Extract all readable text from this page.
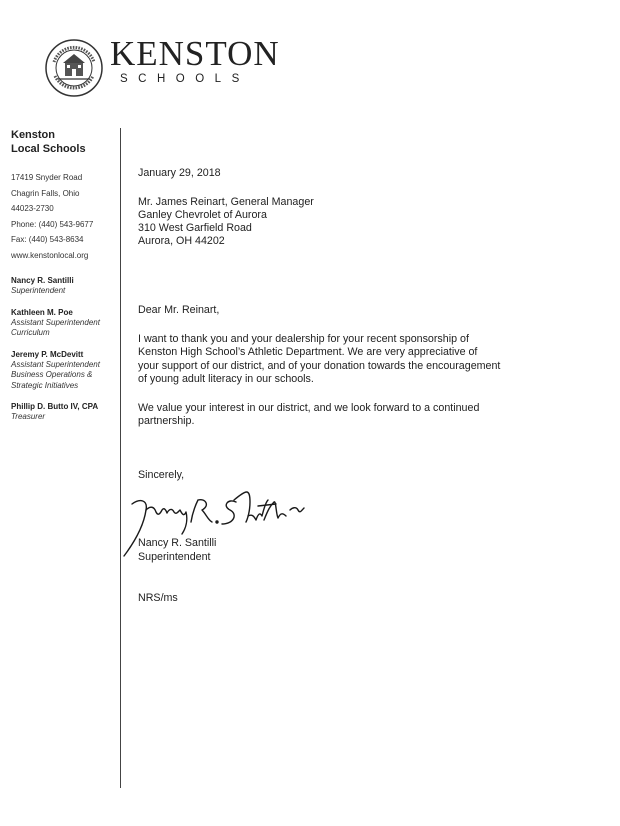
KENSTON
SCHOOLS
Kenston
Local Schools
17419 Snyder Road
Chagrin Falls, Ohio
44023-2730
Phone: (440) 543-9677
Fax: (440) 543-8634
www.kenstonlocal.org
Nancy R. Santilli
Superintendent
Kathleen M. Poe
Assistant Superintendent
Curriculum
Jeremy P. McDevitt
Assistant Superintendent
Business Operations &
Strategic Initiatives
Phillip D. Butto IV, CPA
Treasurer
January 29, 2018
Mr. James Reinart, General Manager
Ganley Chevrolet of Aurora
310 West Garfield Road
Aurora, OH 44202
Dear Mr. Reinart,
I want to thank you and your dealership for your recent sponsorship of
Kenston High School’s Athletic Department. We are very appreciative of
your support of our district, and of your donation towards the encouragement
of young adult literacy in our schools.
We value your interest in our district, and we look forward to a continued
partnership.
Sincerely,
Nancy R. Santilli
Superintendent
NRS/ms
